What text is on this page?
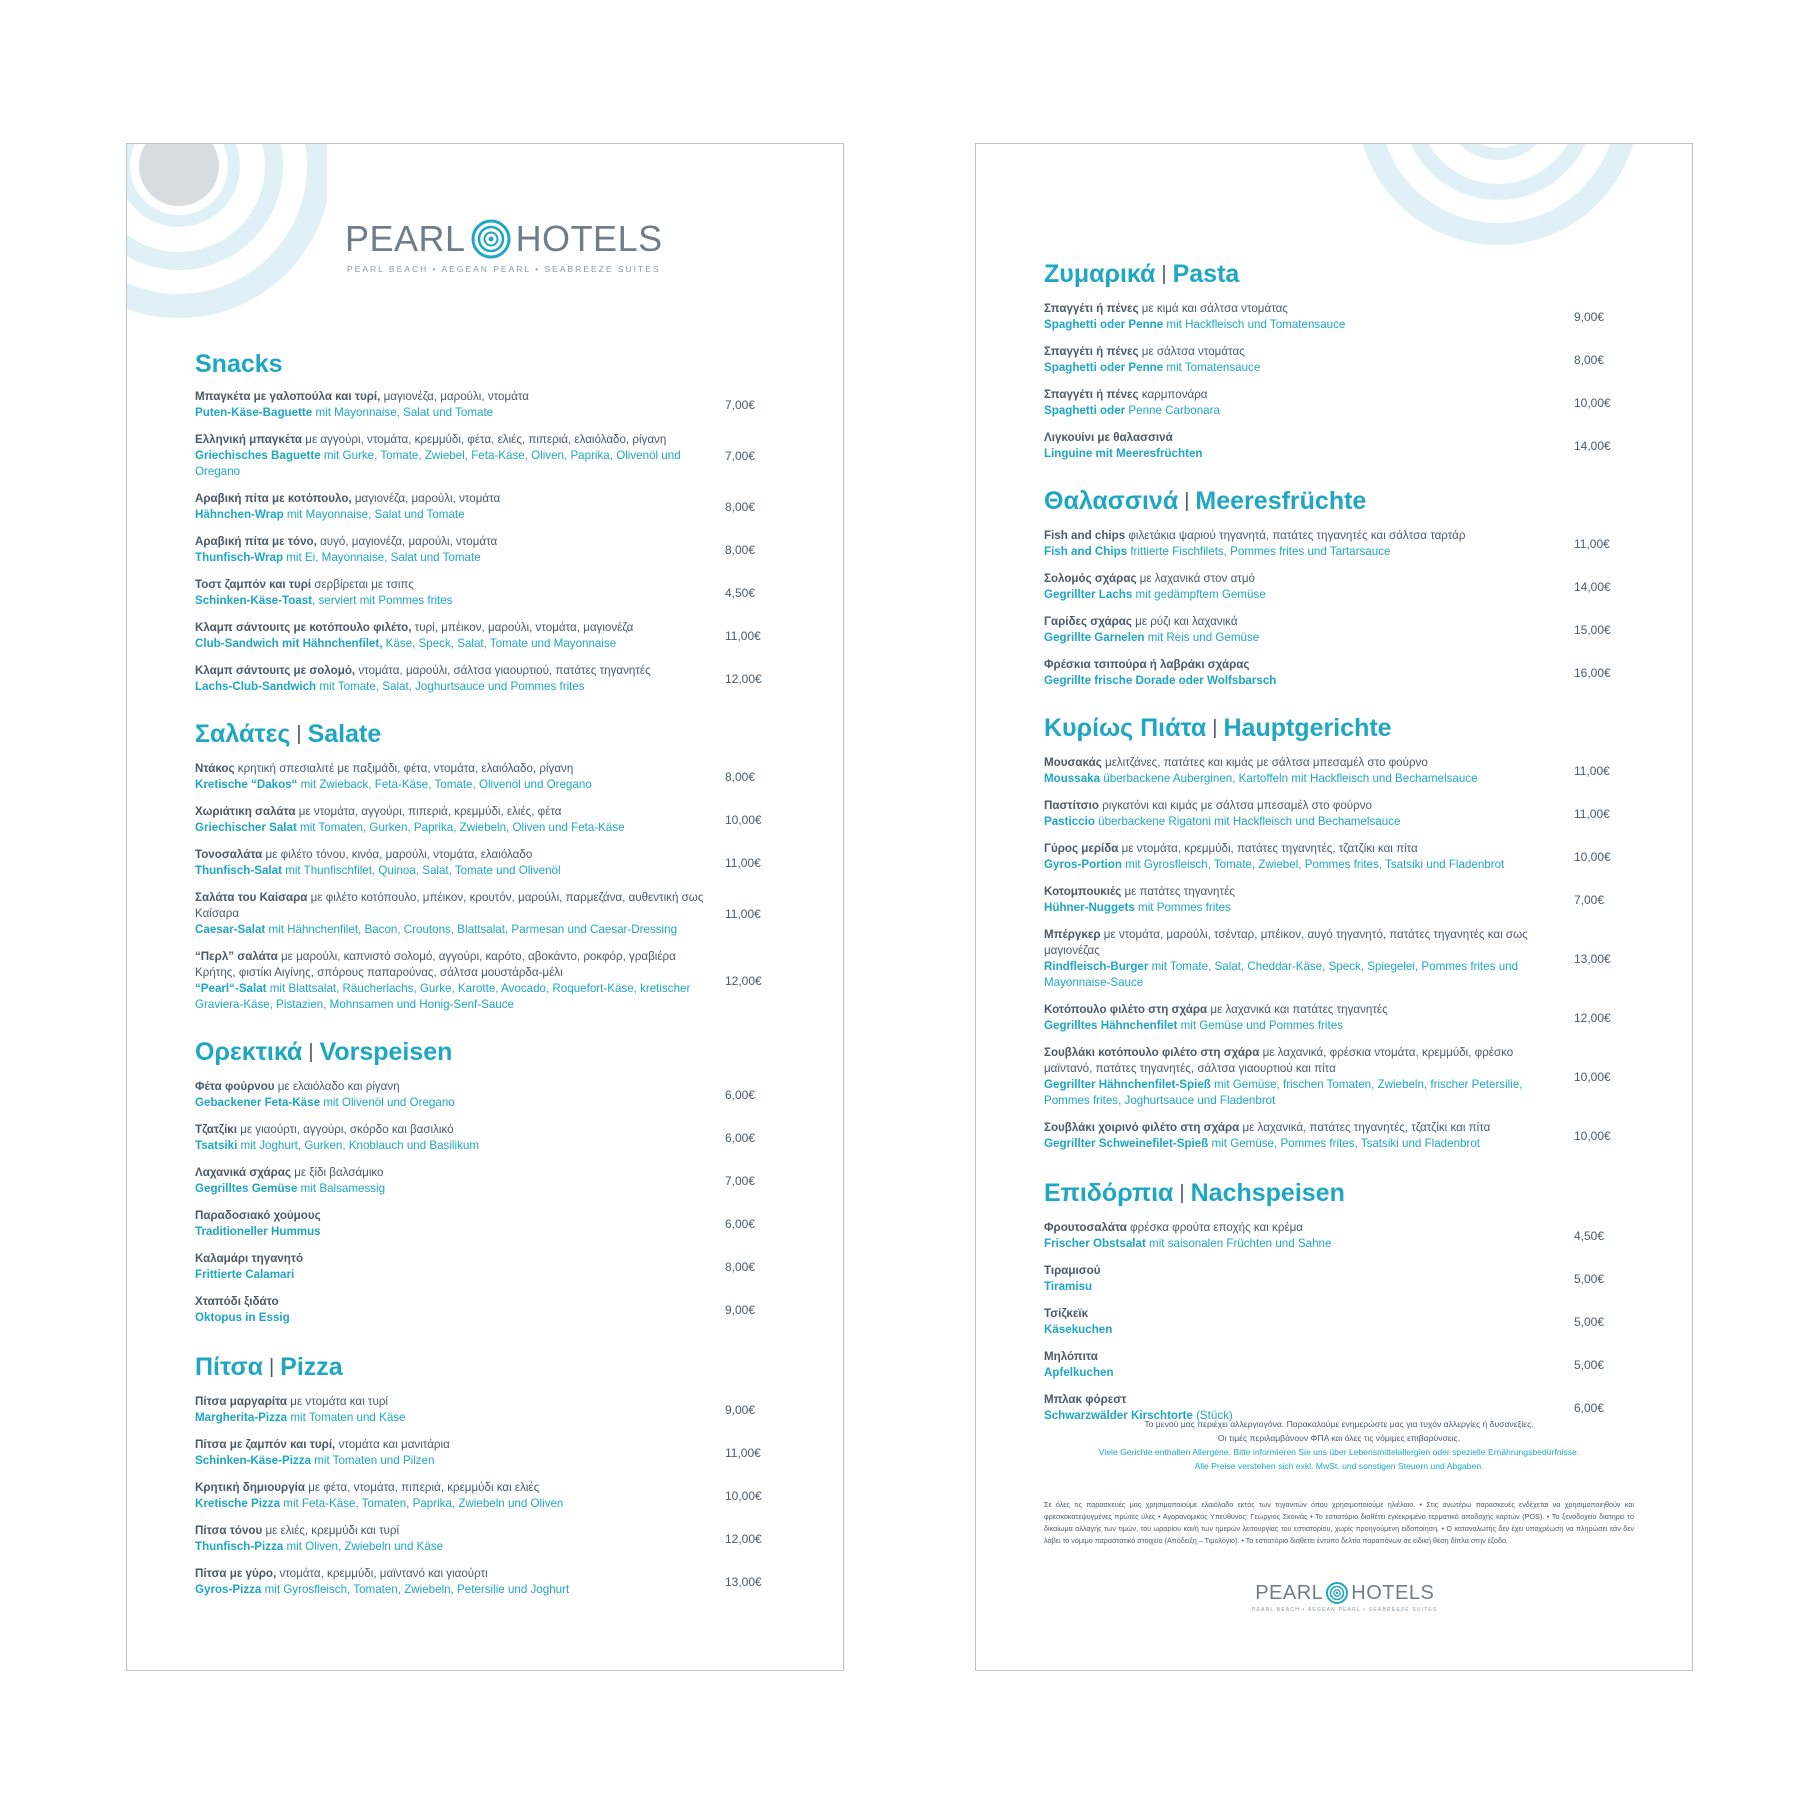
PEARL HOTELS
PEARL BEACH • AEGEAN PEARL • SEABREEZE SUITES
Snacks
Μπαγκέτα με γαλοπούλα και τυρί, μαγιονέζα, μαρούλι, ντομάτα
Puten-Käse-Baguette mit Mayonnaise, Salat und Tomate
7,00€
Ελληνική μπαγκέτα με αγγούρι, ντομάτα, κρεμμύδι, φέτα, ελιές, πιπεριά, ελαιόλαδο, ρίγανη
Griechisches Baguette mit Gurke, Tomate, Zwiebel, Feta-Käse, Oliven, Paprika, Olivenöl und Oregano
7,00€
Αραβική πίτα με κοτόπουλο, μαγιονέζα, μαρούλι, ντομάτα
Hähnchen-Wrap mit Mayonnaise, Salat und Tomate
8,00€
Αραβική πίτα με τόνο, αυγό, μαγιονέζα, μαρούλι, ντομάτα
Thunfisch-Wrap mit Ei, Mayonnaise, Salat und Tomate
8,00€
Τοστ ζαμπόν και τυρί σερβίρεται με τσιπς
Schinken-Käse-Toast, serviert mit Pommes frites
4,50€
Κλαμπ σάντουιτς με κοτόπουλο φιλέτο, τυρί, μπέικον, μαρούλι, ντομάτα, μαγιονέζα
Club-Sandwich mit Hähnchenfilet, Käse, Speck, Salat, Tomate und Mayonnaise
11,00€
Κλαμπ σάντουιτς με σολομό, ντομάτα, μαρούλι, σάλτσα γιαουρτιού, πατάτες τηγανητές
Lachs-Club-Sandwich mit Tomate, Salat, Joghurtsauce und Pommes frites
12,00€
Σαλάτες | Salate
Ντάκος κρητική σπεσιαλιτέ με παξιμάδι, φέτα, ντομάτα, ελαιόλαδο, ρίγανη
Kretische “Dakos“ mit Zwieback, Feta-Käse, Tomate, Olivenöl und Oregano
8,00€
Χωριάτικη σαλάτα με ντομάτα, αγγούρι, πιπεριά, κρεμμύδι, ελιές, φέτα
Griechischer Salat mit Tomaten, Gurken, Paprika, Zwiebeln, Oliven und Feta-Käse
10,00€
Τονοσαλάτα με φιλέτο τόνου, κινόα, μαρούλι, ντομάτα, ελαιόλαδο
Thunfisch-Salat mit Thunfischfilet, Quinoa, Salat, Tomate und Olivenöl
11,00€
Σαλάτα του Καίσαρα με φιλέτο κοτόπουλο, μπέικον, κρουτόν, μαρούλι, παρμεζάνα, αυθεντική σως Καίσαρα
Caesar-Salat mit Hähnchenfilet, Bacon, Croutons, Blattsalat, Parmesan und Caesar-Dressing
11,00€
“Περλ” σαλάτα με μαρούλι, καπνιστό σολομό, αγγούρι, καρότο, αβοκάντο, ροκφόρ, γραβιέρα Κρήτης, φιστίκι Αιγίνης, σπόρους παπαρούνας, σάλτσα μουστάρδα-μέλι
“Pearl“-Salat mit Blattsalat, Räucherlachs, Gurke, Karotte, Avocado, Roquefort-Käse, kretischer Graviera-Käse, Pistazien, Mohnsamen und Honig-Senf-Sauce
12,00€
Ορεκτικά | Vorspeisen
Φέτα φούρνου με ελαιόλαδο και ρίγανη
Gebackener Feta-Käse mit Olivenöl und Oregano
6,00€
Τζατζίκι με γιαούρτι, αγγούρι, σκόρδο και βασιλικό
Tsatsiki mit Joghurt, Gurken, Knoblauch und Basilikum
6,00€
Λαχανικά σχάρας με ξίδι βαλσάμικο
Gegrilltes Gemüse mit Balsamessig
7,00€
Παραδοσιακό χούμους
Traditioneller Hummus
6,00€
Καλαμάρι τηγανητό
Frittierte Calamari
8,00€
Χταπόδι ξιδάτο
Oktopus in Essig
9,00€
Πίτσα | Pizza
Πίτσα μαργαρίτα με ντομάτα και τυρί
Margherita-Pizza mit Tomaten und Käse
9,00€
Πίτσα με ζαμπόν και τυρί, ντομάτα και μανιτάρια
Schinken-Käse-Pizza mit Tomaten und Pilzen
11,00€
Κρητική δημιουργία με φέτα, ντομάτα, πιπεριά, κρεμμύδι και ελιές
Kretische Pizza mit Feta-Käse, Tomaten, Paprika, Zwiebeln und Oliven
10,00€
Πίτσα τόνου με ελιές, κρεμμύδι και τυρί
Thunfisch-Pizza mit Oliven, Zwiebeln und Käse
12,00€
Πίτσα με γύρο, ντομάτα, κρεμμύδι, μαϊντανό και γιαούρτι
Gyros-Pizza mit Gyrosfleisch, Tomaten, Zwiebeln, Petersilie und Joghurt
13,00€
Ζυμαρικά | Pasta
Σπαγγέτι ή πένες με κιμά και σάλτσα ντομάτας
Spaghetti oder Penne mit Hackfleisch und Tomatensauce
9,00€
Σπαγγέτι ή πένες με σάλτσα ντομάτας
Spaghetti oder Penne mit Tomatensauce
8,00€
Σπαγγέτι ή πένες καρμπονάρα
Spaghetti oder Penne Carbonara
10,00€
Λιγκουίνι με θαλασσινά
Linguine mit Meeresfrüchten
14,00€
Θαλασσινά | Meeresfrüchte
Fish and chips φιλετάκια ψαριού τηγανητά, πατάτες τηγανητές και σάλτσα ταρτάρ
Fish and Chips frittierte Fischfilets, Pommes frites und Tartarsauce
11,00€
Σολομός σχάρας με λαχανικά στον ατμό
Gegrillter Lachs mit gedämpftem Gemüse
14,00€
Γαρίδες σχάρας με ρύζι και λαχανικά
Gegrillte Garnelen mit Reis und Gemüse
15,00€
Φρέσκια τσιπούρα ή λαβράκι σχάρας
Gegrillte frische Dorade oder Wolfsbarsch
16,00€
Κυρίως Πιάτα | Hauptgerichte
Μουσακάς μελιτζάνες, πατάτες και κιμάς με σάλτσα μπεσαμέλ στο φούρνο
Moussaka überbackene Auberginen, Kartoffeln mit Hackfleisch und Bechamelsauce
11,00€
Παστίτσιο ριγκατόνι και κιμάς με σάλτσα μπεσαμέλ στο φούρνο
Pasticcio überbackene Rigatoni mit Hackfleisch und Bechamelsauce
11,00€
Γύρος μερίδα με ντομάτα, κρεμμύδι, πατάτες τηγανητές, τζατζίκι και πίτα
Gyros-Portion mit Gyrosfleisch, Tomate, Zwiebel, Pommes frites, Tsatsiki und Fladenbrot
10,00€
Κοτομπουκιές με πατάτες τηγανητές
Hühner-Nuggets mit Pommes frites
7,00€
Μπέργκερ με ντομάτα, μαρούλι, τσένταρ, μπέικον, αυγό τηγανητό, πατάτες τηγανητές και σως μαγιονέζας
Rindfleisch-Burger mit Tomate, Salat, Cheddar-Käse, Speck, Spiegelei, Pommes frites und Mayonnaise-Sauce
13,00€
Κοτόπουλο φιλέτο στη σχάρα με λαχανικά και πατάτες τηγανητές
Gegrilltes Hähnchenfilet mit Gemüse und Pommes frites
12,00€
Σουβλάκι κοτόπουλο φιλέτο στη σχάρα με λαχανικά, φρέσκια ντομάτα, κρεμμύδι, φρέσκο μαϊντανό, πατάτες τηγανητές, σάλτσα γιαουρτιού και πίτα
Gegrillter Hähnchenfilet-Spieß mit Gemüse, frischen Tomaten, Zwiebeln, frischer Petersilie, Pommes frites, Joghurtsauce und Fladenbrot
10,00€
Σουβλάκι χοιρινό φιλέτο στη σχάρα με λαχανικά, πατάτες τηγανητές, τζατζίκι και πίτα
Gegrillter Schweinefilet-Spieß mit Gemüse, Pommes frites, Tsatsiki und Fladenbrot
10,00€
Επιδόρπια | Nachspeisen
Φρουτοσαλάτα φρέσκα φρούτα εποχής και κρέμα
Frischer Obstsalat mit saisonalen Früchten und Sahne
4,50€
Τιραμισού
Tiramisu
5,00€
Τσίζκεϊκ
Käsekuchen
5,00€
Μηλόπιτα
Apfelkuchen
5,00€
Μπλακ φόρεστ
Schwarzwälder Kirschtorte (Stück)
6,00€
Το μενού μας περιέχει αλλεργιογόνα. Παρακαλούμε ενημερώστε μας για τυχόν αλλεργίες ή δυσανεξίες.
Οι τιμές περιλαμβάνουν ΦΠΑ και όλες τις νόμιμες επιβαρύνσεις.
Viele Gerichte enthalten Allergene. Bitte informieren Sie uns über Lebensmittelallergien oder spezielle Ernährungsbedürfnisse.
Alle Preise verstehen sich exkl. MwSt. und sonstigen Steuern und Abgaben.
Σε όλες τις παρασκευές μας χρησιμοποιούμε ελαιόλαδο εκτός των τηγανιτών όπου χρησιμοποιούμε ηλιέλαιο. • Στις ανωτέρω παρασκευές ενδέχεται να χρησιμοποιηθούν και φρεσκοκατεψυγμένες πρώτες ύλες • Αγορανομικός Υπεύθυνος: Γεώργιος Σκοινάς • Το εστιατόριο διαθέτει εγκεκριμένο τερματικό αποδοχής καρτών (POS). • Το ξενοδοχείο διατηρεί το δικαίωμα αλλαγής των τιμών, του ωραρίου και/ή των ημερών λειτουργίας του εστιατορίου, χωρίς προηγούμενη ειδοποίηση. • Ο καταναλωτής δεν έχει υποχρέωση να πληρώσει εάν δεν λάβει το νόμιμο παραστατικό στοιχείο (Απόδειξη – Τιμολόγιο). • Το εστιατόριο διαθέτει έντυπο δελτίο παραπόνων σε ειδική θέση δίπλα στην έξοδο.
PEARL HOTELS
PEARL BEACH • AEGEAN PEARL • SEABREEZE SUITES
